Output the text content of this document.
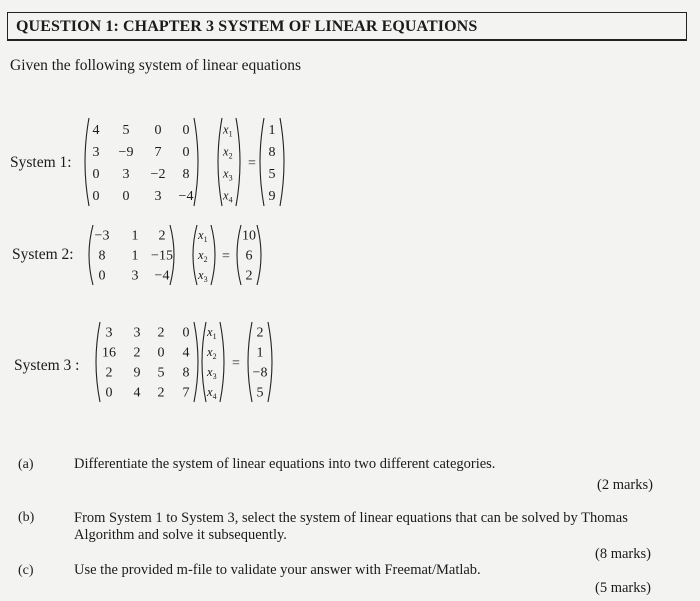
QUESTION 1: CHAPTER 3 SYSTEM OF LINEAR EQUATIONS
Given the following system of linear equations
System 1:
4 5 0 0
3 −9 7 0
0 3 −2 8
0 0 3 −4
$x_1$
$x_2$
$x_3$
$x_4$
=
1
8
5
9
System 2:
−3 1 2
8 1 −15
0 3 −4
$x_1$
$x_2$
$x_3$
=
10
6
2
System 3 :
3 3 2 0
16 2 0 4
2 9 5 8
0 4 2 7
$x_1$
$x_2$
$x_3$
$x_4$
=
2
1
−8
5
(a)	Differentiate the system of linear equations into two different categories.
(2 marks)
(b)	From System 1 to System 3, select the system of linear equations that can be solved by Thomas
Algorithm and solve it subsequently.
(8 marks)
(c)	Use the provided m-file to validate your answer with Freemat/Matlab.
(5 marks)
